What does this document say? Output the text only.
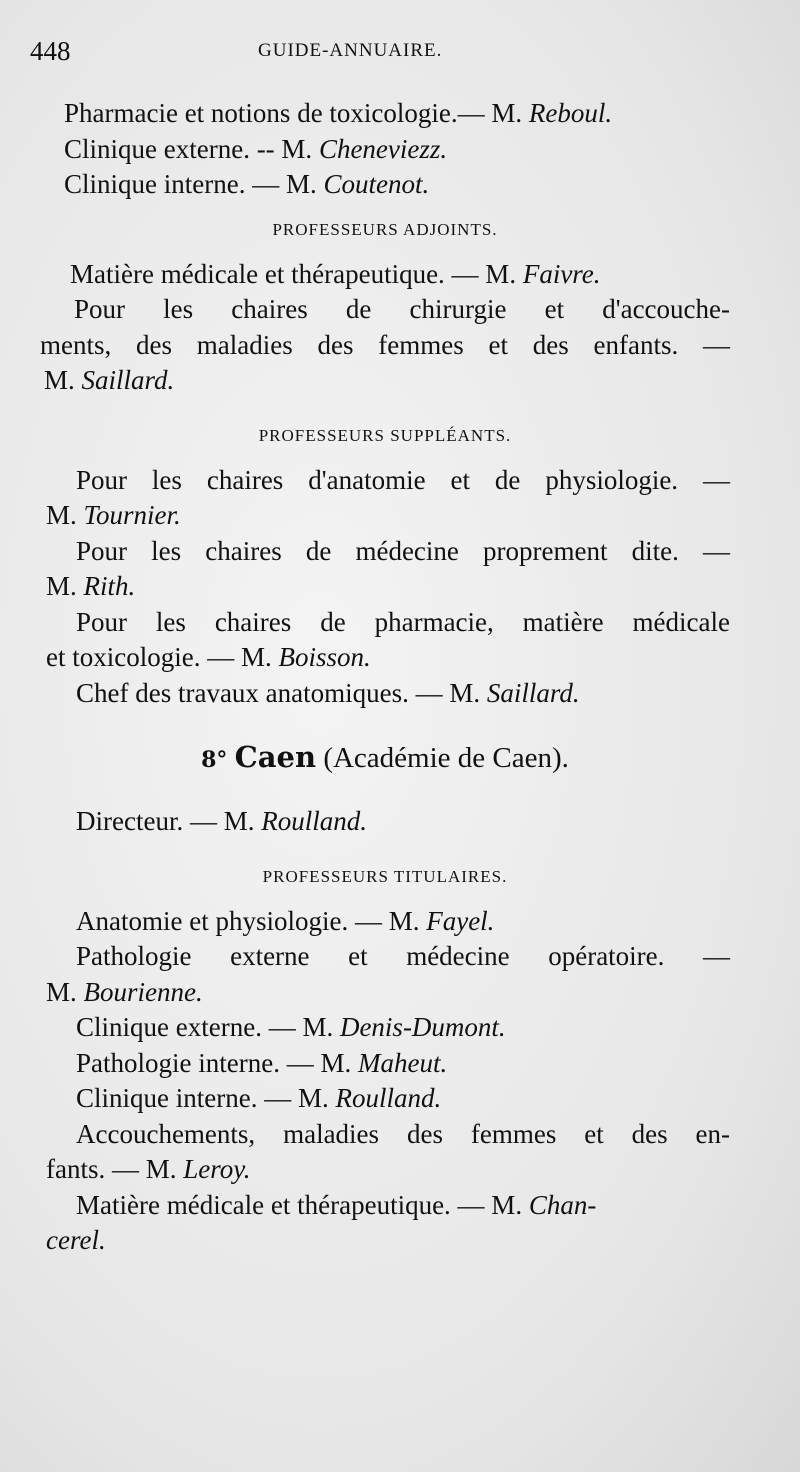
448	GUIDE-ANNUAIRE.
Pharmacie et notions de toxicologie.— M. Reboul.
Clinique externe. -- M. Cheneviezz.
Clinique interne. — M. Coutenot.
PROFESSEURS ADJOINTS.
Matière médicale et thérapeutique. — M. Faivre.
Pour les chaires de chirurgie et d'accouche-
ments, des maladies des femmes et des enfants. —
M. Saillard.
PROFESSEURS SUPPLÉANTS.
Pour les chaires d'anatomie et de physiologie. —
M. Tournier.
Pour les chaires de médecine proprement dite. —
M. Rith.
Pour les chaires de pharmacie, matière médicale
et toxicologie. — M. Boisson.
Chef des travaux anatomiques. — M. Saillard.
8° Caen (Académie de Caen).
Directeur. — M. Roulland.
PROFESSEURS TITULAIRES.
Anatomie et physiologie. — M. Fayel.
Pathologie externe et médecine opératoire. —
M. Bourienne.
Clinique externe. — M. Denis-Dumont.
Pathologie interne. — M. Maheut.
Clinique interne. — M. Roulland.
Accouchements, maladies des femmes et des en-
fants. — M. Leroy.
Matière médicale et thérapeutique. — M. Chan-
cerel.
